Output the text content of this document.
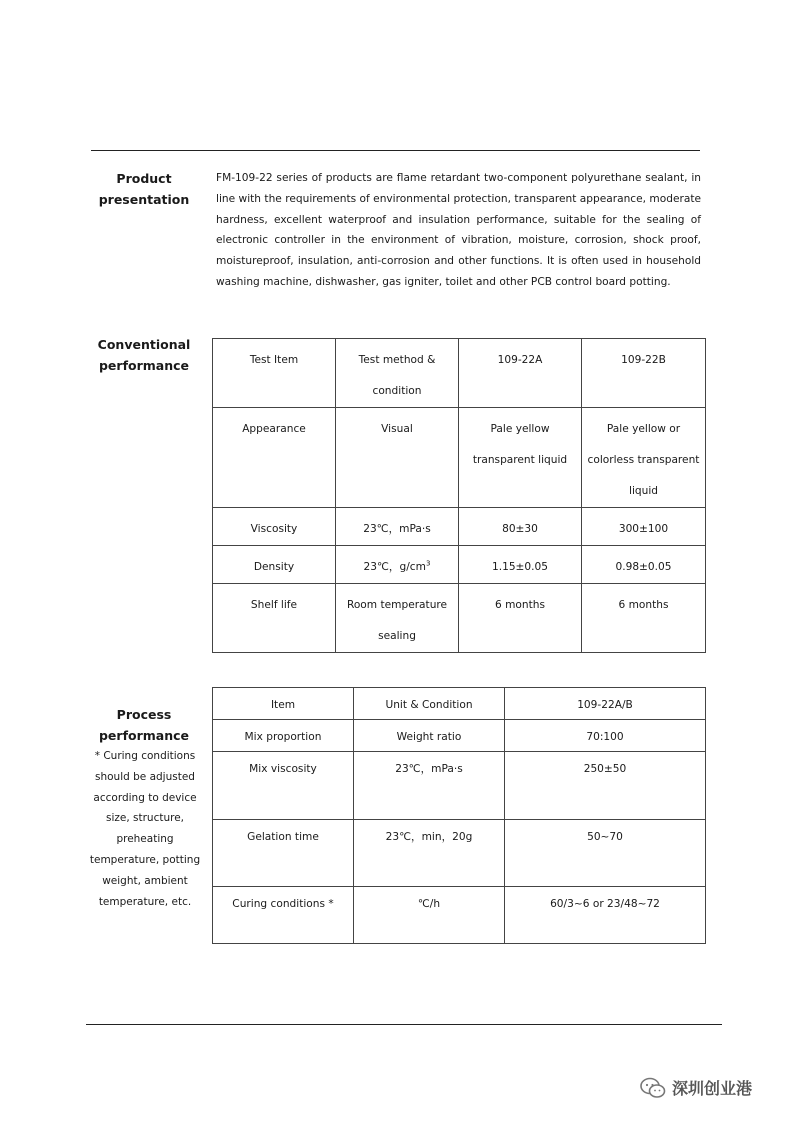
Product
presentation

FM-109-22 series of products are flame retardant two-component polyurethane sealant, in line with the requirements of environmental protection, transparent appearance, moderate hardness, excellent waterproof and insulation performance, suitable for the sealing of electronic controller in the environment of vibration, moisture, corrosion, shock proof, moistureproof, insulation, anti-corrosion and other functions. It is often used in household washing machine, dishwasher, gas igniter, toilet and other PCB control board potting.

Conventional
performance	Test Item	Test method & condition	109-22A	109-22B
Appearance	Visual	Pale yellow transparent liquid	Pale yellow or colorless transparent liquid
Viscosity	23℃，mPa·s	80±30	300±100
Density	23℃，$g/cm^3$	1.15±0.05	0.98±0.05
Shelf life	Room temperature sealing	6 months	6 months
Process
performance

* Curing conditions should be adjusted according to device size, structure, preheating temperature, potting weight, ambient temperature, etc.

Item	Unit & Condition	109-22A/B
Mix proportion	Weight ratio	70:100
Mix viscosity	23℃，mPa·s	250±50
Gelation time	23℃，min，20g	50~70
Curing conditions *	℃/h	60/3~6 or 23/48~72
深圳创业港
